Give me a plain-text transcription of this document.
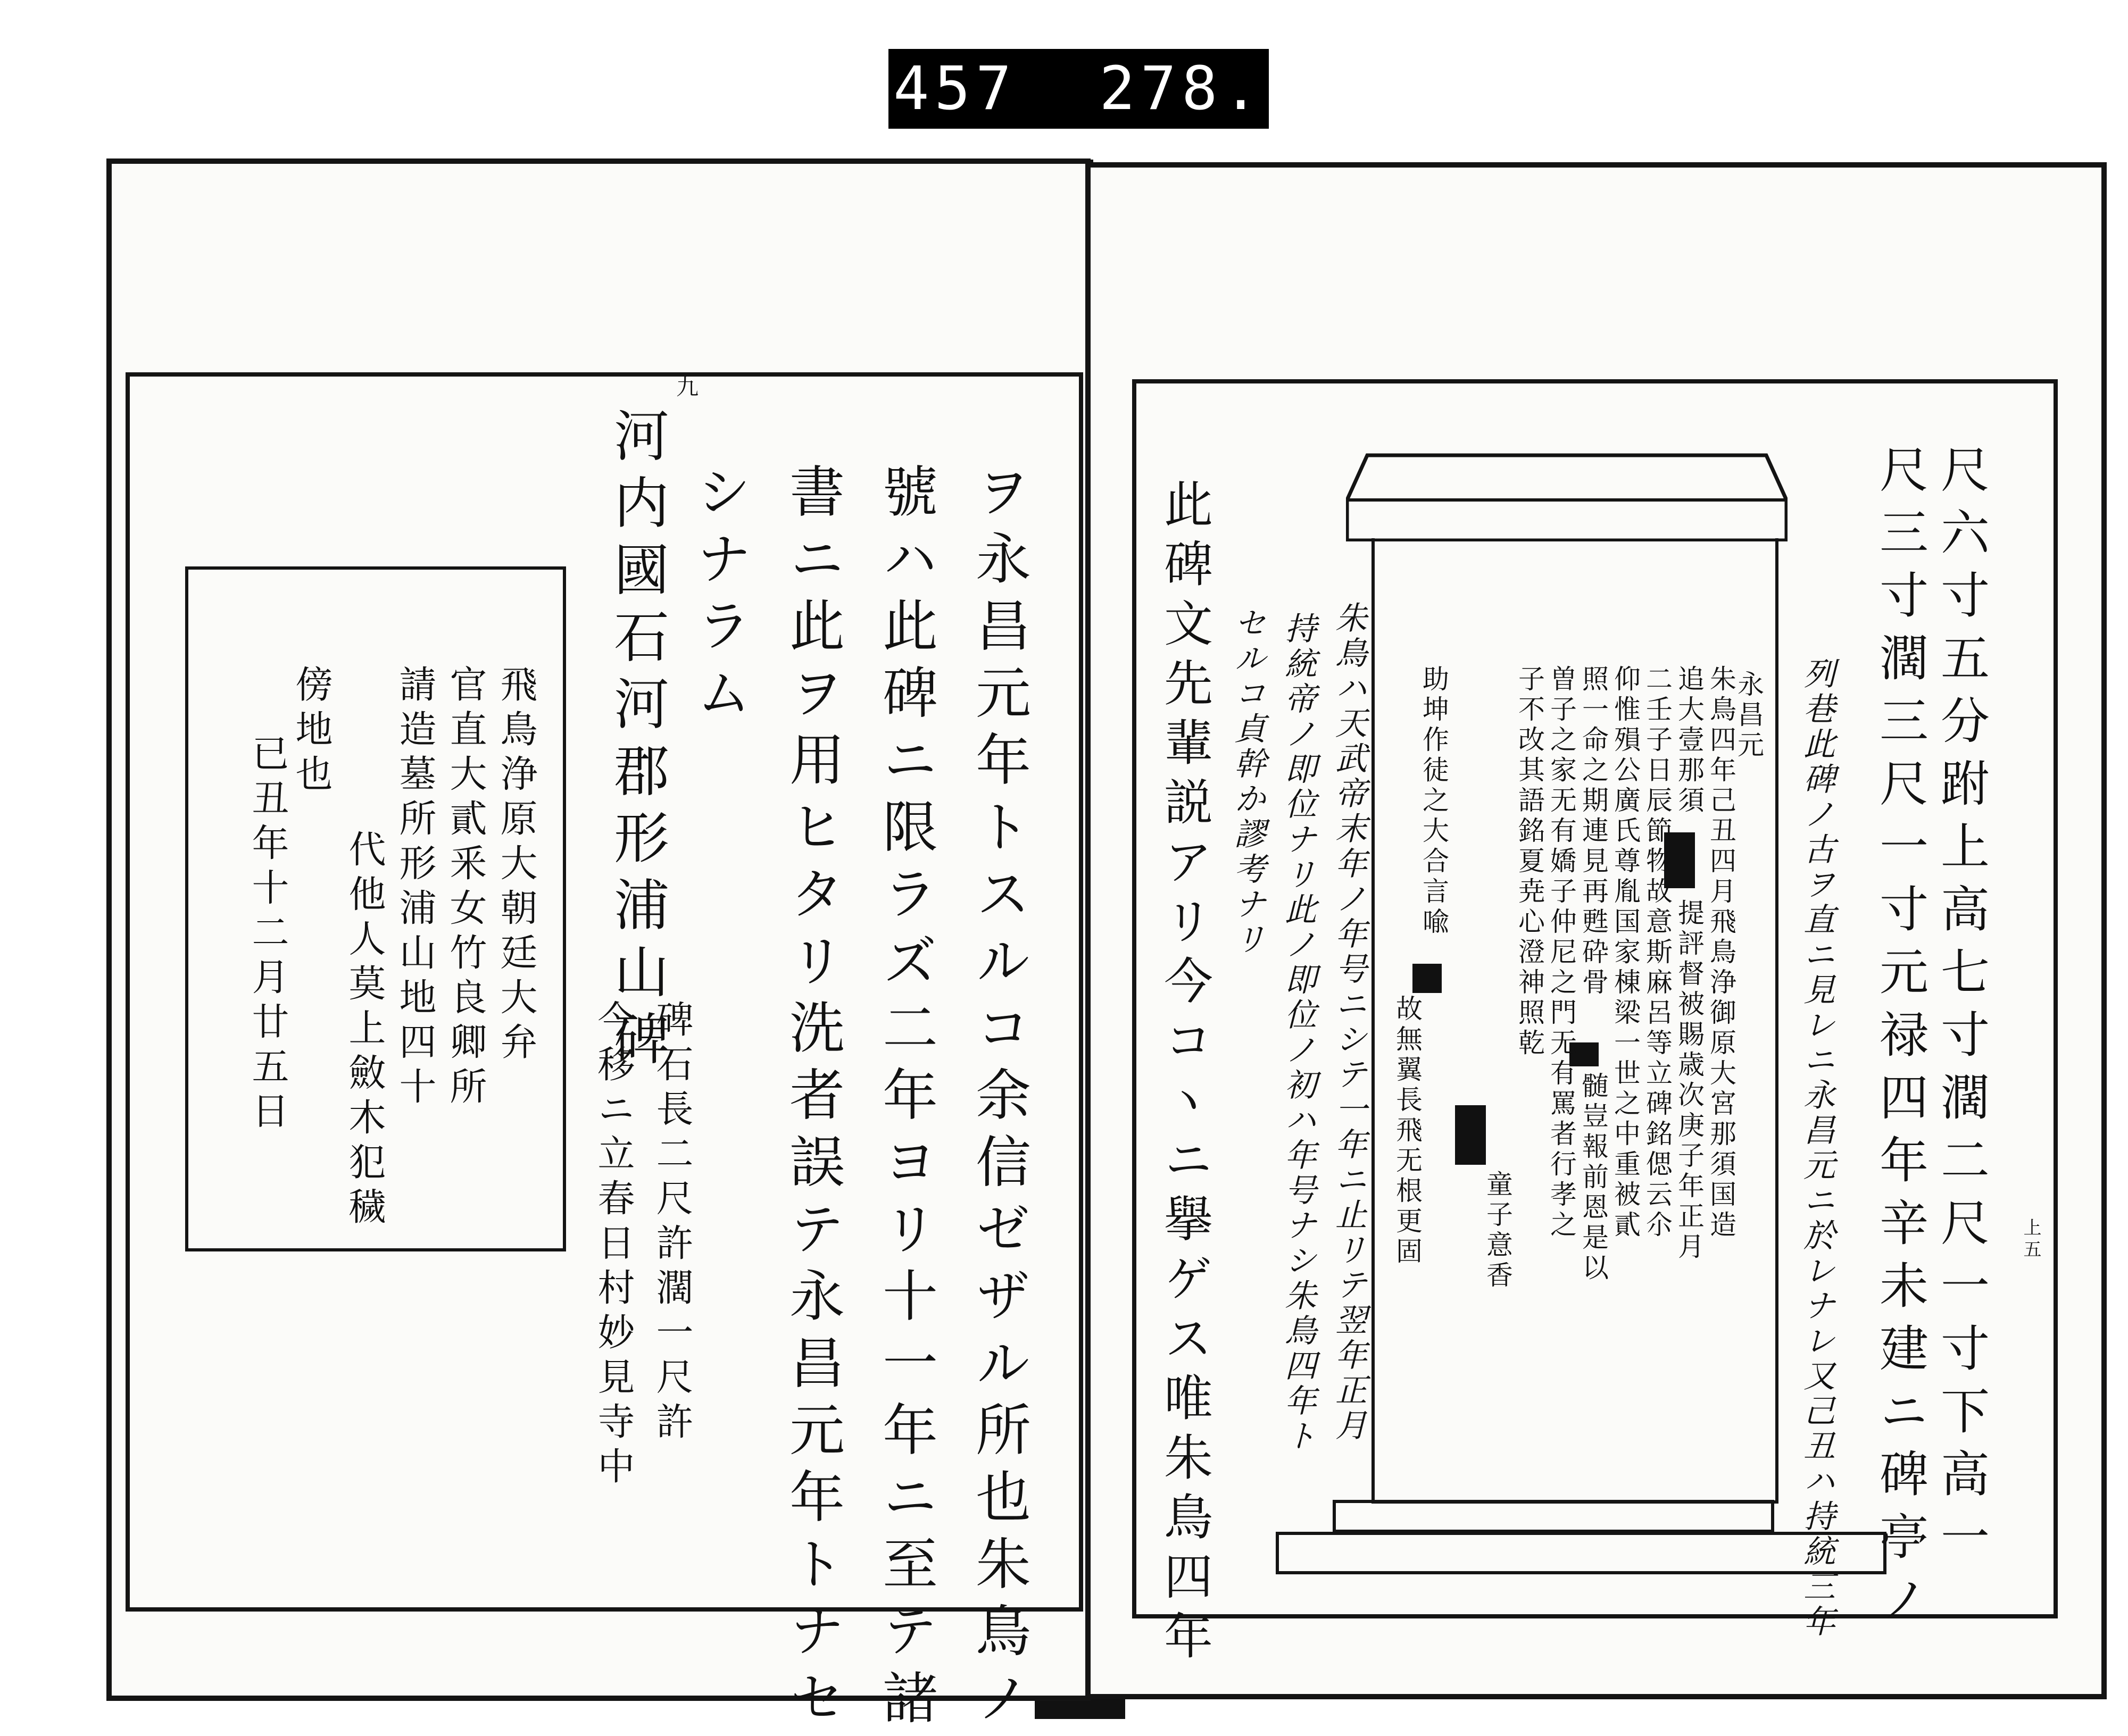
457  278.
九
ヲ永昌元年トスルコ余信ゼザル所也朱鳥ノ
號ハ此碑ニ限ラズ二年ヨリ十一年ニ至テ諸
書ニ此ヲ用ヒタリ洗者誤テ永昌元年トナセ
シナラム
河内國石河郡形浦山碑
碑石長二尺許濶一尺許
今移ニ立春日村妙見寺中
飛鳥浄原大朝廷大弁
官直大貳釆女竹良卿所
請造墓所形浦山地四十
代他人莫上斂木犯穢
傍地也
已丑年十二月廿五日	尺六寸五分跗上高七寸濶二尺一寸下高一
尺三寸濶三尺一寸元禄四年辛未建ニ碑亭ノ	上五
列巷此碑ノ古ヲ直ニ見レニ永昌元ニ於レナレ又己丑ハ持統三年
永昌元
朱鳥四年己丑四月飛鳥浄御原大宮那須国造
追大壹那須
提評督被賜歳次庚子年正月
二壬子日辰節物故意斯麻呂等立碑銘偲云尒
仰惟殞公廣氏尊胤国家棟梁一世之中重被貳
照一命之期連見再甦砕骨
髄豈報前恩是以
曽子之家无有嬌子仲尼之門无有罵者行孝之
子不改其語銘夏尭心澄神照乾
童子意香
助坤作徒之大合言喩
故無翼長飛无根更固
朱鳥ハ天武帝末年ノ年号ニシテ一年ニ止リテ翌年正月
持統帝ノ即位ナリ此ノ即位ノ初ハ年号ナシ朱鳥四年ト
セルコ貞幹か謬考ナリ
此碑文先輩説アリ今コヽニ擧ゲス唯朱鳥四年
